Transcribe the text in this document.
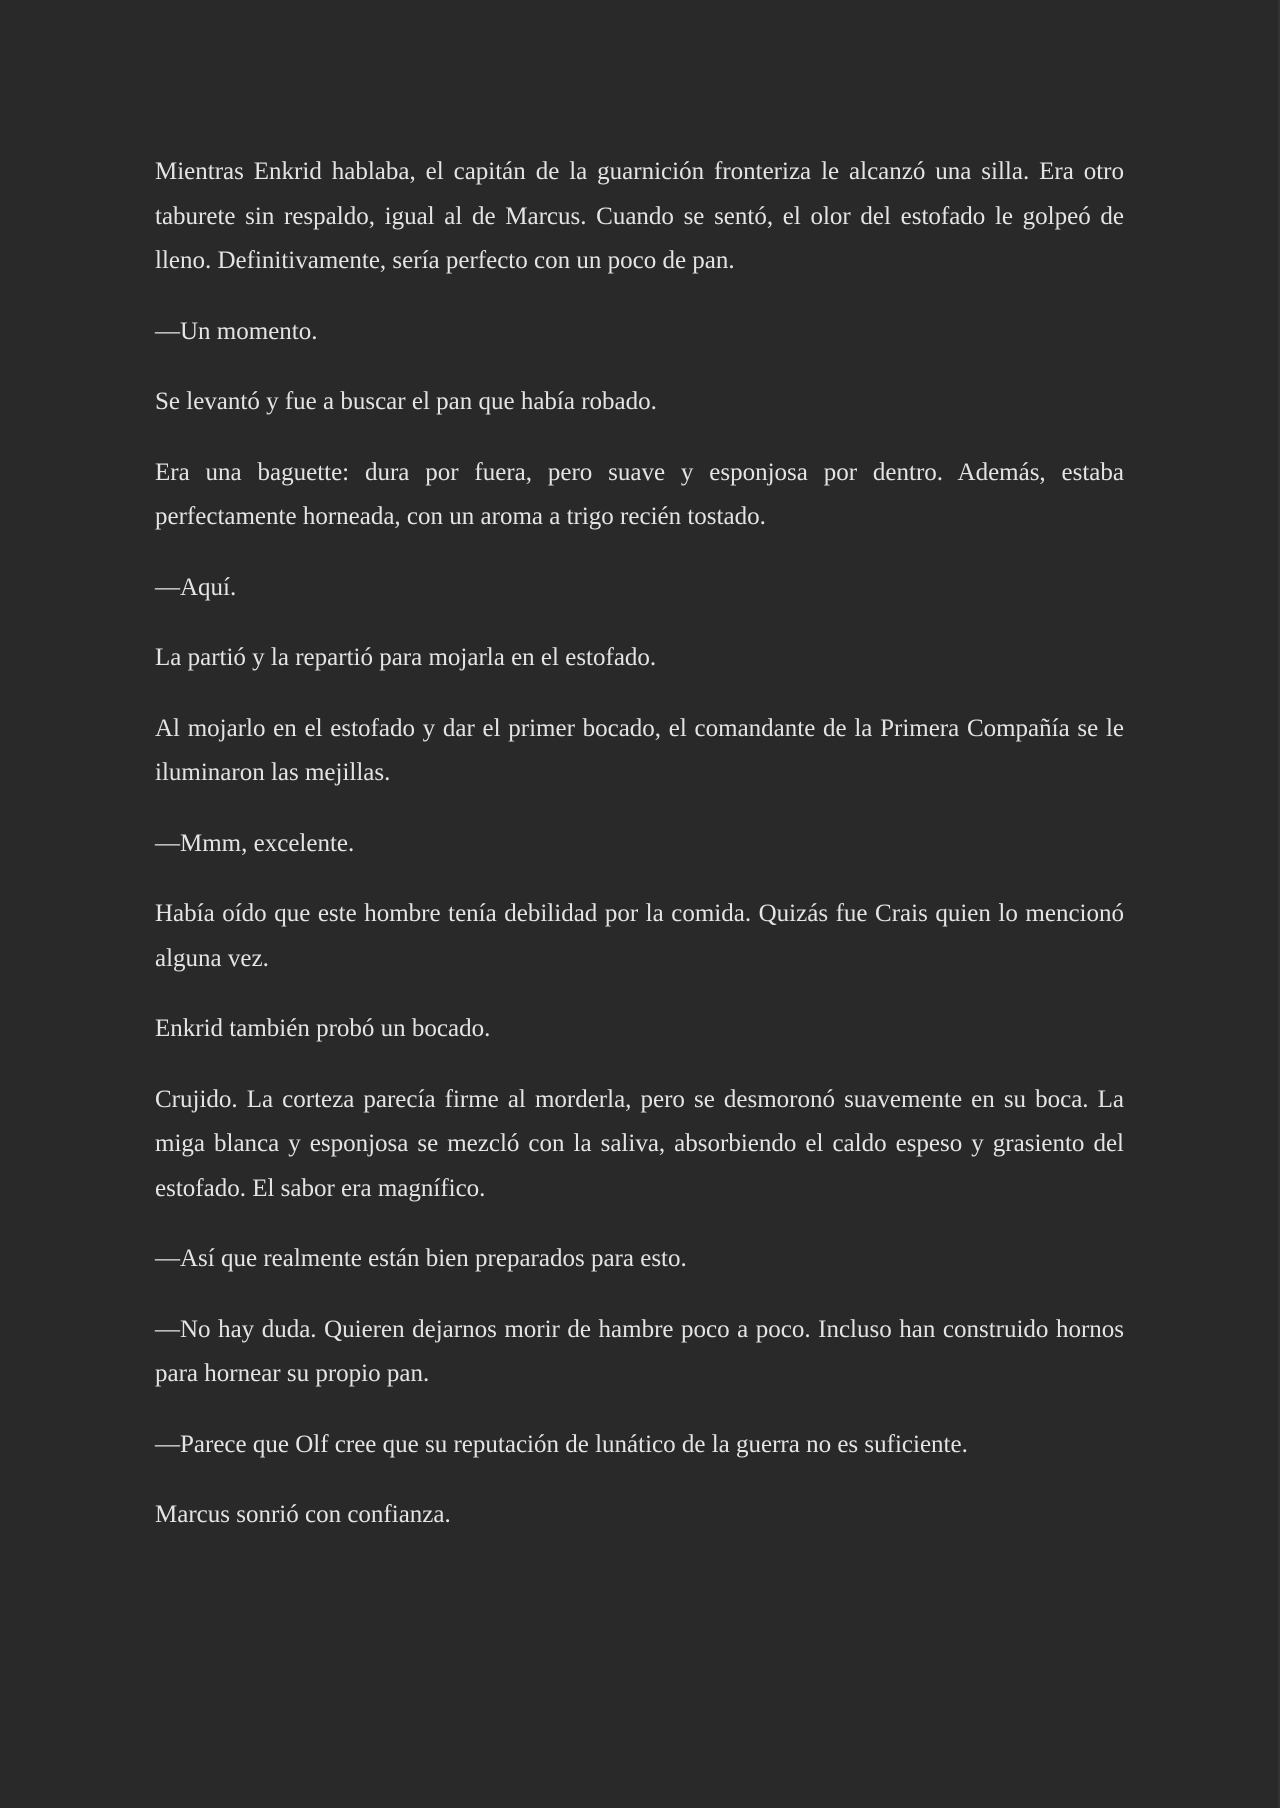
Mientras Enkrid hablaba, el capitán de la guarnición fronteriza le alcanzó una silla. Era otro taburete sin respaldo, igual al de Marcus. Cuando se sentó, el olor del estofado le golpeó de lleno. Definitivamente, sería perfecto con un poco de pan.

—Un momento.

Se levantó y fue a buscar el pan que había robado.

Era una baguette: dura por fuera, pero suave y esponjosa por dentro. Además, estaba perfectamente horneada, con un aroma a trigo recién tostado.

—Aquí.

La partió y la repartió para mojarla en el estofado.

Al mojarlo en el estofado y dar el primer bocado, el comandante de la Primera Compañía se le iluminaron las mejillas.

—Mmm, excelente.

Había oído que este hombre tenía debilidad por la comida. Quizás fue Crais quien lo mencionó alguna vez.

Enkrid también probó un bocado.

Crujido. La corteza parecía firme al morderla, pero se desmoronó suavemente en su boca. La miga blanca y esponjosa se mezcló con la saliva, absorbiendo el caldo espeso y grasiento del estofado. El sabor era magnífico.

—Así que realmente están bien preparados para esto.

—No hay duda. Quieren dejarnos morir de hambre poco a poco. Incluso han construido hornos para hornear su propio pan.

—Parece que Olf cree que su reputación de lunático de la guerra no es suficiente.

Marcus sonrió con confianza.
